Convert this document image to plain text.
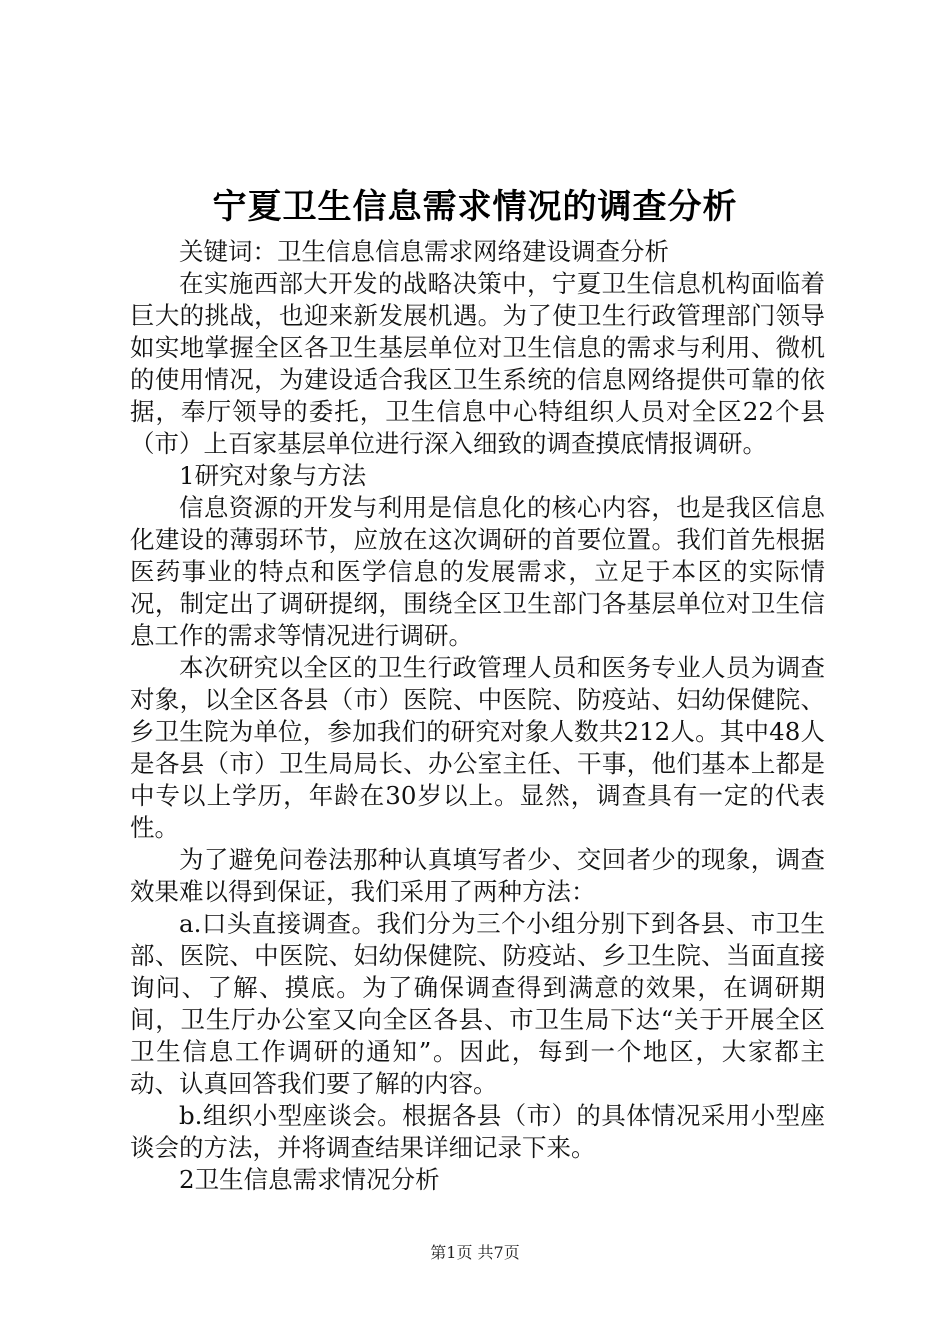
宁夏卫生信息需求情况的调查分析

关键词：卫生信息信息需求网络建设调查分析

在实施西部大开发的战略决策中，宁夏卫生信息机构面临着巨大的挑战，也迎来新发展机遇。为了使卫生行政管理部门领导如实地掌握全区各卫生基层单位对卫生信息的需求与利用、微机的使用情况，为建设适合我区卫生系统的信息网络提供可靠的依据，奉厅领导的委托，卫生信息中心特组织人员对全区22个县（市）上百家基层单位进行深入细致的调查摸底情报调研。

1研究对象与方法

信息资源的开发与利用是信息化的核心内容，也是我区信息化建设的薄弱环节，应放在这次调研的首要位置。我们首先根据医药事业的特点和医学信息的发展需求，立足于本区的实际情况，制定出了调研提纲，围绕全区卫生部门各基层单位对卫生信息工作的需求等情况进行调研。

本次研究以全区的卫生行政管理人员和医务专业人员为调查对象，以全区各县（市）医院、中医院、防疫站、妇幼保健院、乡卫生院为单位，参加我们的研究对象人数共212人。其中48人是各县（市）卫生局局长、办公室主任、干事，他们基本上都是中专以上学历，年龄在30岁以上。显然，调查具有一定的代表性。

为了避免问卷法那种认真填写者少、交回者少的现象，调查效果难以得到保证，我们采用了两种方法：

a.口头直接调查。我们分为三个小组分别下到各县、市卫生部、医院、中医院、妇幼保健院、防疫站、乡卫生院、当面直接询问、了解、摸底。为了确保调查得到满意的效果，在调研期间，卫生厅办公室又向全区各县、市卫生局下达“关于开展全区卫生信息工作调研的通知”。因此，每到一个地区，大家都主动、认真回答我们要了解的内容。

b.组织小型座谈会。根据各县（市）的具体情况采用小型座谈会的方法，并将调查结果详细记录下来。

2卫生信息需求情况分析

第1页 共7页
